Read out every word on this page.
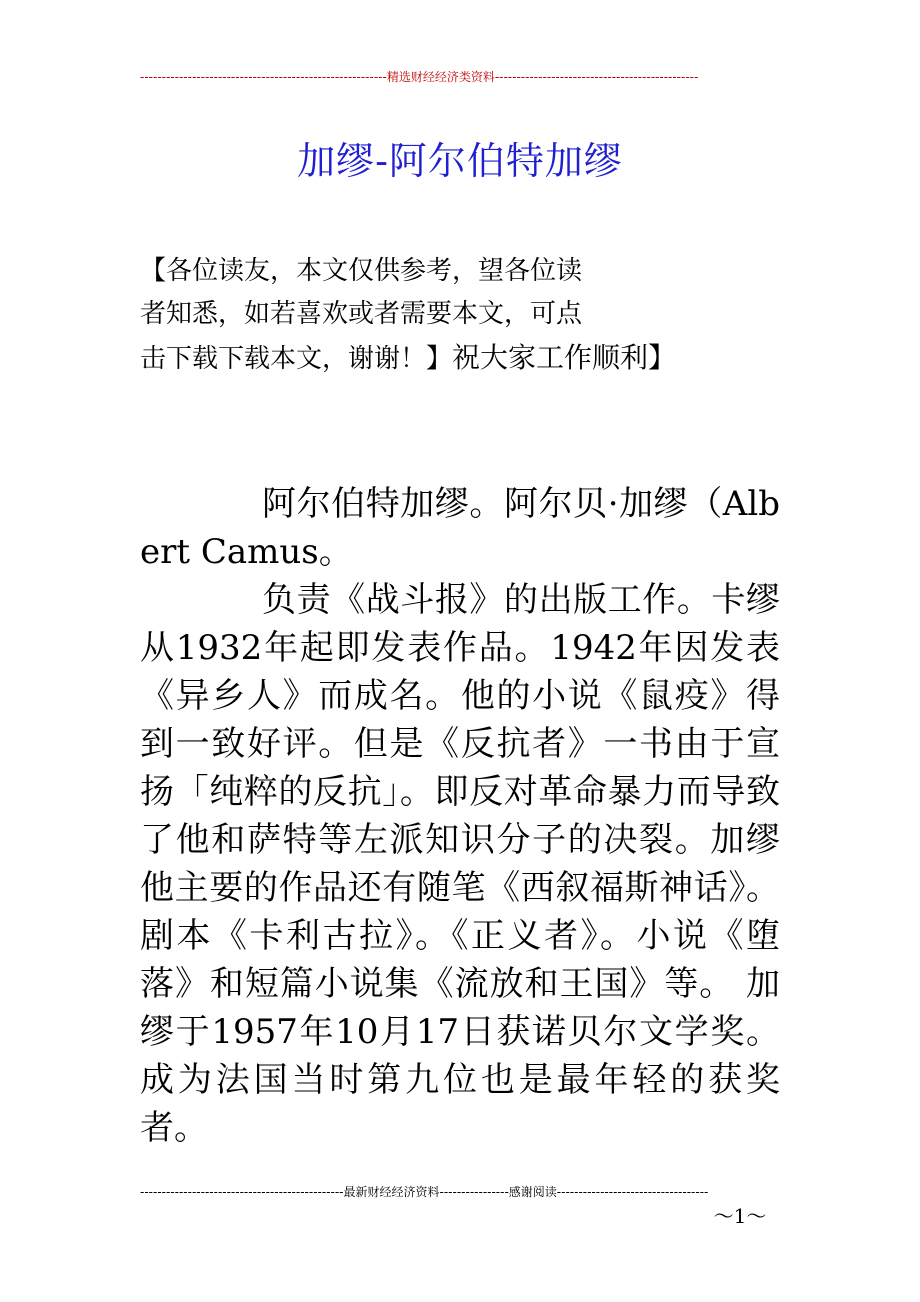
---------------------------------------------------------精选财经经济类资料-----------------------------------------------
加缪-阿尔伯特加缪
【各位读友，本文仅供参考，望各位读
者知悉，如若喜欢或者需要本文，可点
击下载下载本文，谢谢！】祝大家工作顺利】

阿尔伯特加缪。阿尔贝·加缪（Albert Camus。

负责《战斗报》的出版工作。卡缪从1932年起即发表作品。1942年因发表《异乡人》而成名。他的小说《鼠疫》得到一致好评。但是《反抗者》一书由于宣扬「纯粹的反抗」。即反对革命暴力而导致了他和萨特等左派知识分子的决裂。加缪他主要的作品还有随笔《西叙福斯神话》。剧本《卡利古拉》。《正义者》。小说《堕落》和短篇小说集《流放和王国》等。 加缪于1957年10月17日获诺贝尔文学奖。成为法国当时第九位也是最年轻的获奖者。

-----------------------------------------------最新财经经济资料----------------感谢阅读-----------------------------------
～1～
